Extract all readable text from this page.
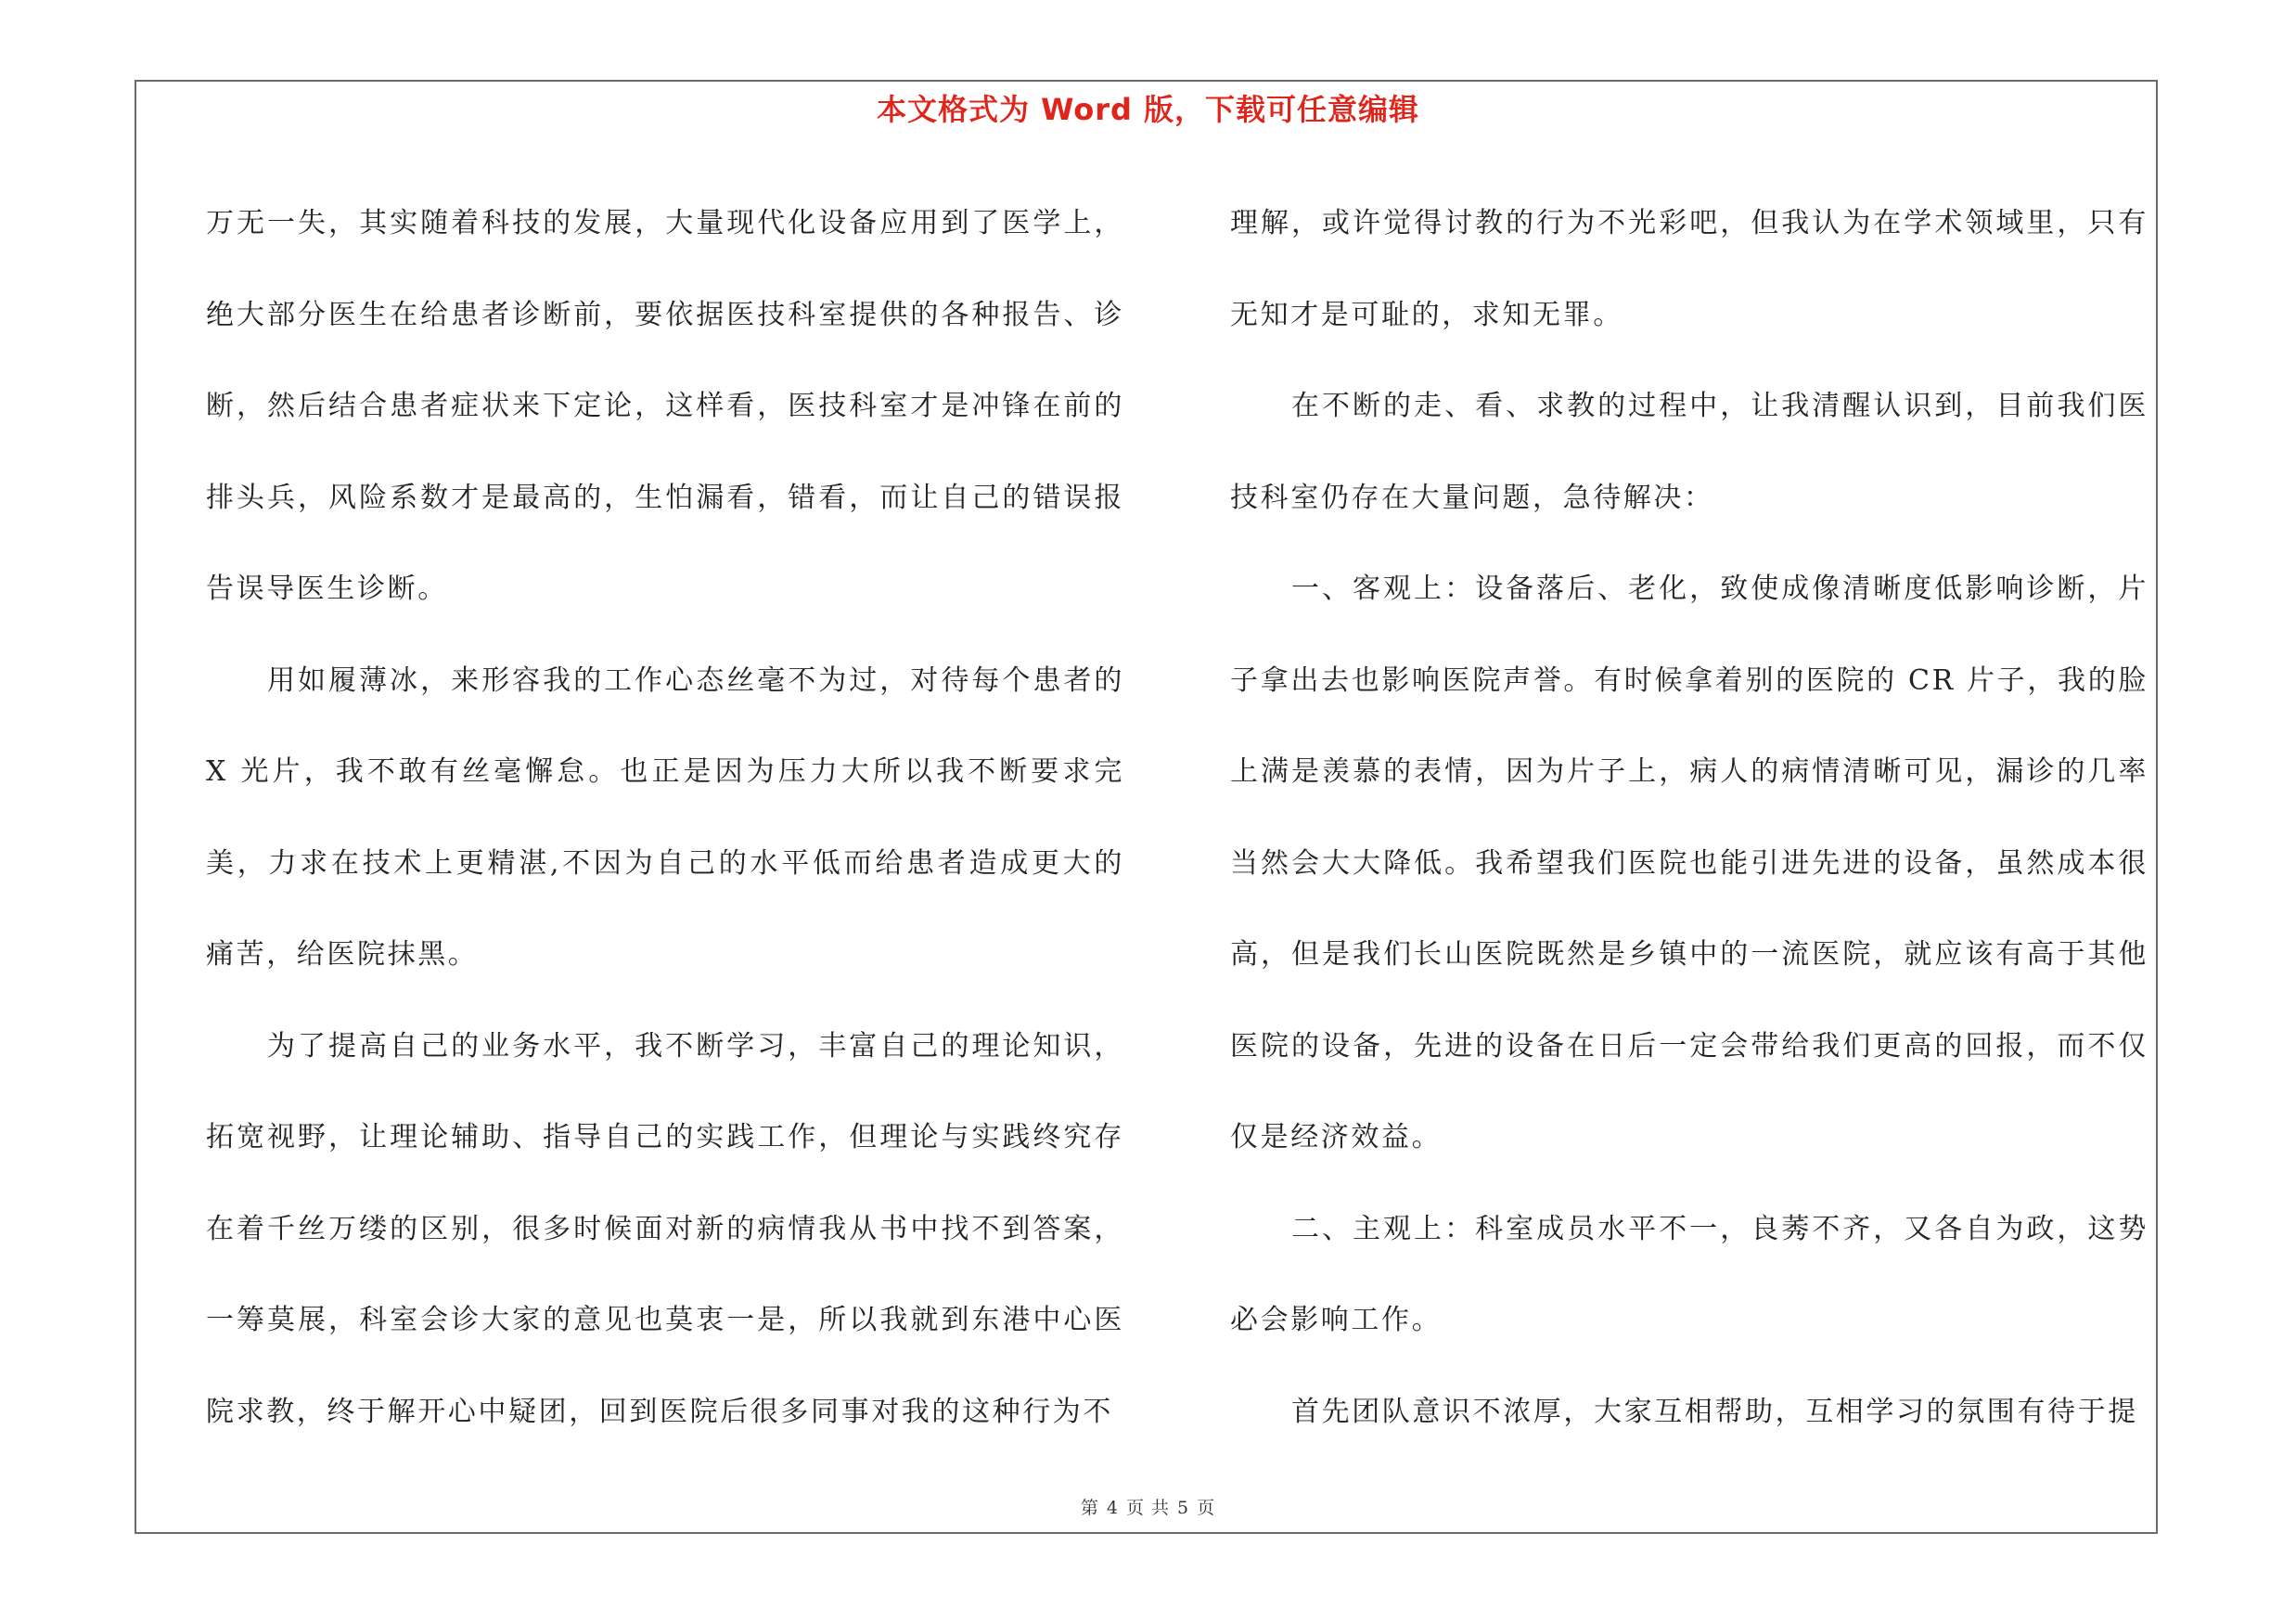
本文格式为 Word 版，下载可任意编辑

万无一失，其实随着科技的发展，大量现代化设备应用到了医学上，绝大部分医生在给患者诊断前，要依据医技科室提供的各种报告、诊断，然后结合患者症状来下定论，这样看，医技科室才是冲锋在前的排头兵，风险系数才是最高的，生怕漏看，错看，而让自己的错误报告误导医生诊断。

用如履薄冰，来形容我的工作心态丝毫不为过，对待每个患者的 X 光片，我不敢有丝毫懈怠。也正是因为压力大所以我不断要求完美，力求在技术上更精湛,不因为自己的水平低而给患者造成更大的痛苦，给医院抹黑。

为了提高自己的业务水平，我不断学习，丰富自己的理论知识，拓宽视野，让理论辅助、指导自己的实践工作，但理论与实践终究存在着千丝万缕的区别，很多时候面对新的病情我从书中找不到答案，一筹莫展，科室会诊大家的意见也莫衷一是，所以我就到东港中心医院求教，终于解开心中疑团，回到医院后很多同事对我的这种行为不

理解，或许觉得讨教的行为不光彩吧，但我认为在学术领域里，只有无知才是可耻的，求知无罪。

在不断的走、看、求教的过程中，让我清醒认识到，目前我们医技科室仍存在大量问题，急待解决：

一、客观上：设备落后、老化，致使成像清晰度低影响诊断，片子拿出去也影响医院声誉。有时候拿着别的医院的 CR 片子，我的脸上满是羡慕的表情，因为片子上，病人的病情清晰可见，漏诊的几率当然会大大降低。我希望我们医院也能引进先进的设备，虽然成本很高，但是我们长山医院既然是乡镇中的一流医院，就应该有高于其他医院的设备，先进的设备在日后一定会带给我们更高的回报，而不仅仅是经济效益。

二、主观上：科室成员水平不一，良莠不齐，又各自为政，这势必会影响工作。

首先团队意识不浓厚，大家互相帮助，互相学习的氛围有待于提

第 4 页 共 5 页
